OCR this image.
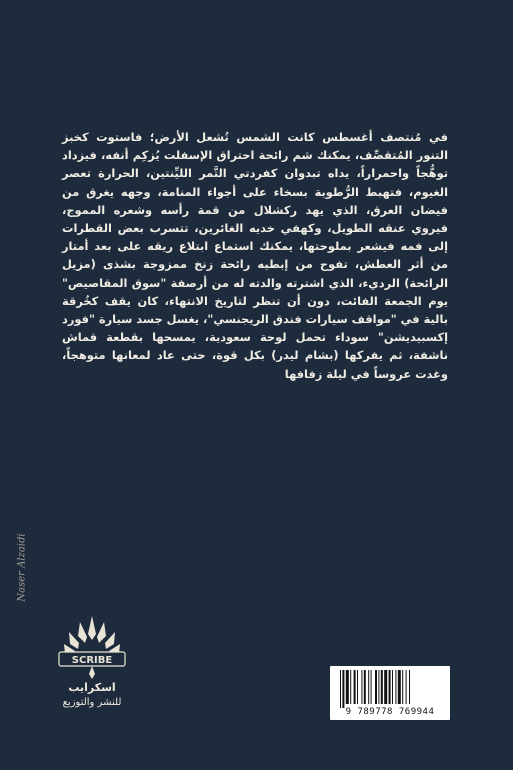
في مُنتصف أغسطس كانت الشمس تُشعل الأرض؛ فاستوت كخبز التنور المُتقصِّف، يمكنك شم رائحة احتراق الإسفلت يُزكِم أنفه، فيزداد توهُّجاً واحمراراً، يداه تبدوان كفردتي التَّمر الليِّنتين، الحرارة تعصر الغيوم، فتهبط الرُّطوبة بسخاء على أجواء المنامة، وجهه يغرق من فيضان العرق، الذي يهد ركشلال من قمة رأسه وشعره المموج، فيروي عنقه الطويل، وكهفي خديه الغائرين، تتسرب بعض القطرات إلى فمه فيشعر بملوحتها، يمكنك استماع ابتلاع ريقه على بعد أمتار من أثر العطش، تفوح من إبطيه رائحة زنخ ممزوجة بشذى (مزيل الرائحة) الرديء، الذي اشترته والدته له من أرصفة "سوق المقاصيص" يوم الجمعة الفائت، دون أن تنظر لتاريخ الانتهاء، كان يقف كخُرقة بالية في "مواقف سيارات فندق الريجنسي"، يغسل جسد سيارة "فورد إكسبيديشن" سوداء تحمل لوحة سعودية، يمسحها بقطعة قماش ناشفة، ثم يفركها (بشام ليدر) بكل قوة، حتى عاد لمعانها متوهجاً، وغدت عروساً في ليلة زفافها

Naser Alzaidi
SCRIBE
اسكرايب
للنشر والتوزيع
9 789778 769944
